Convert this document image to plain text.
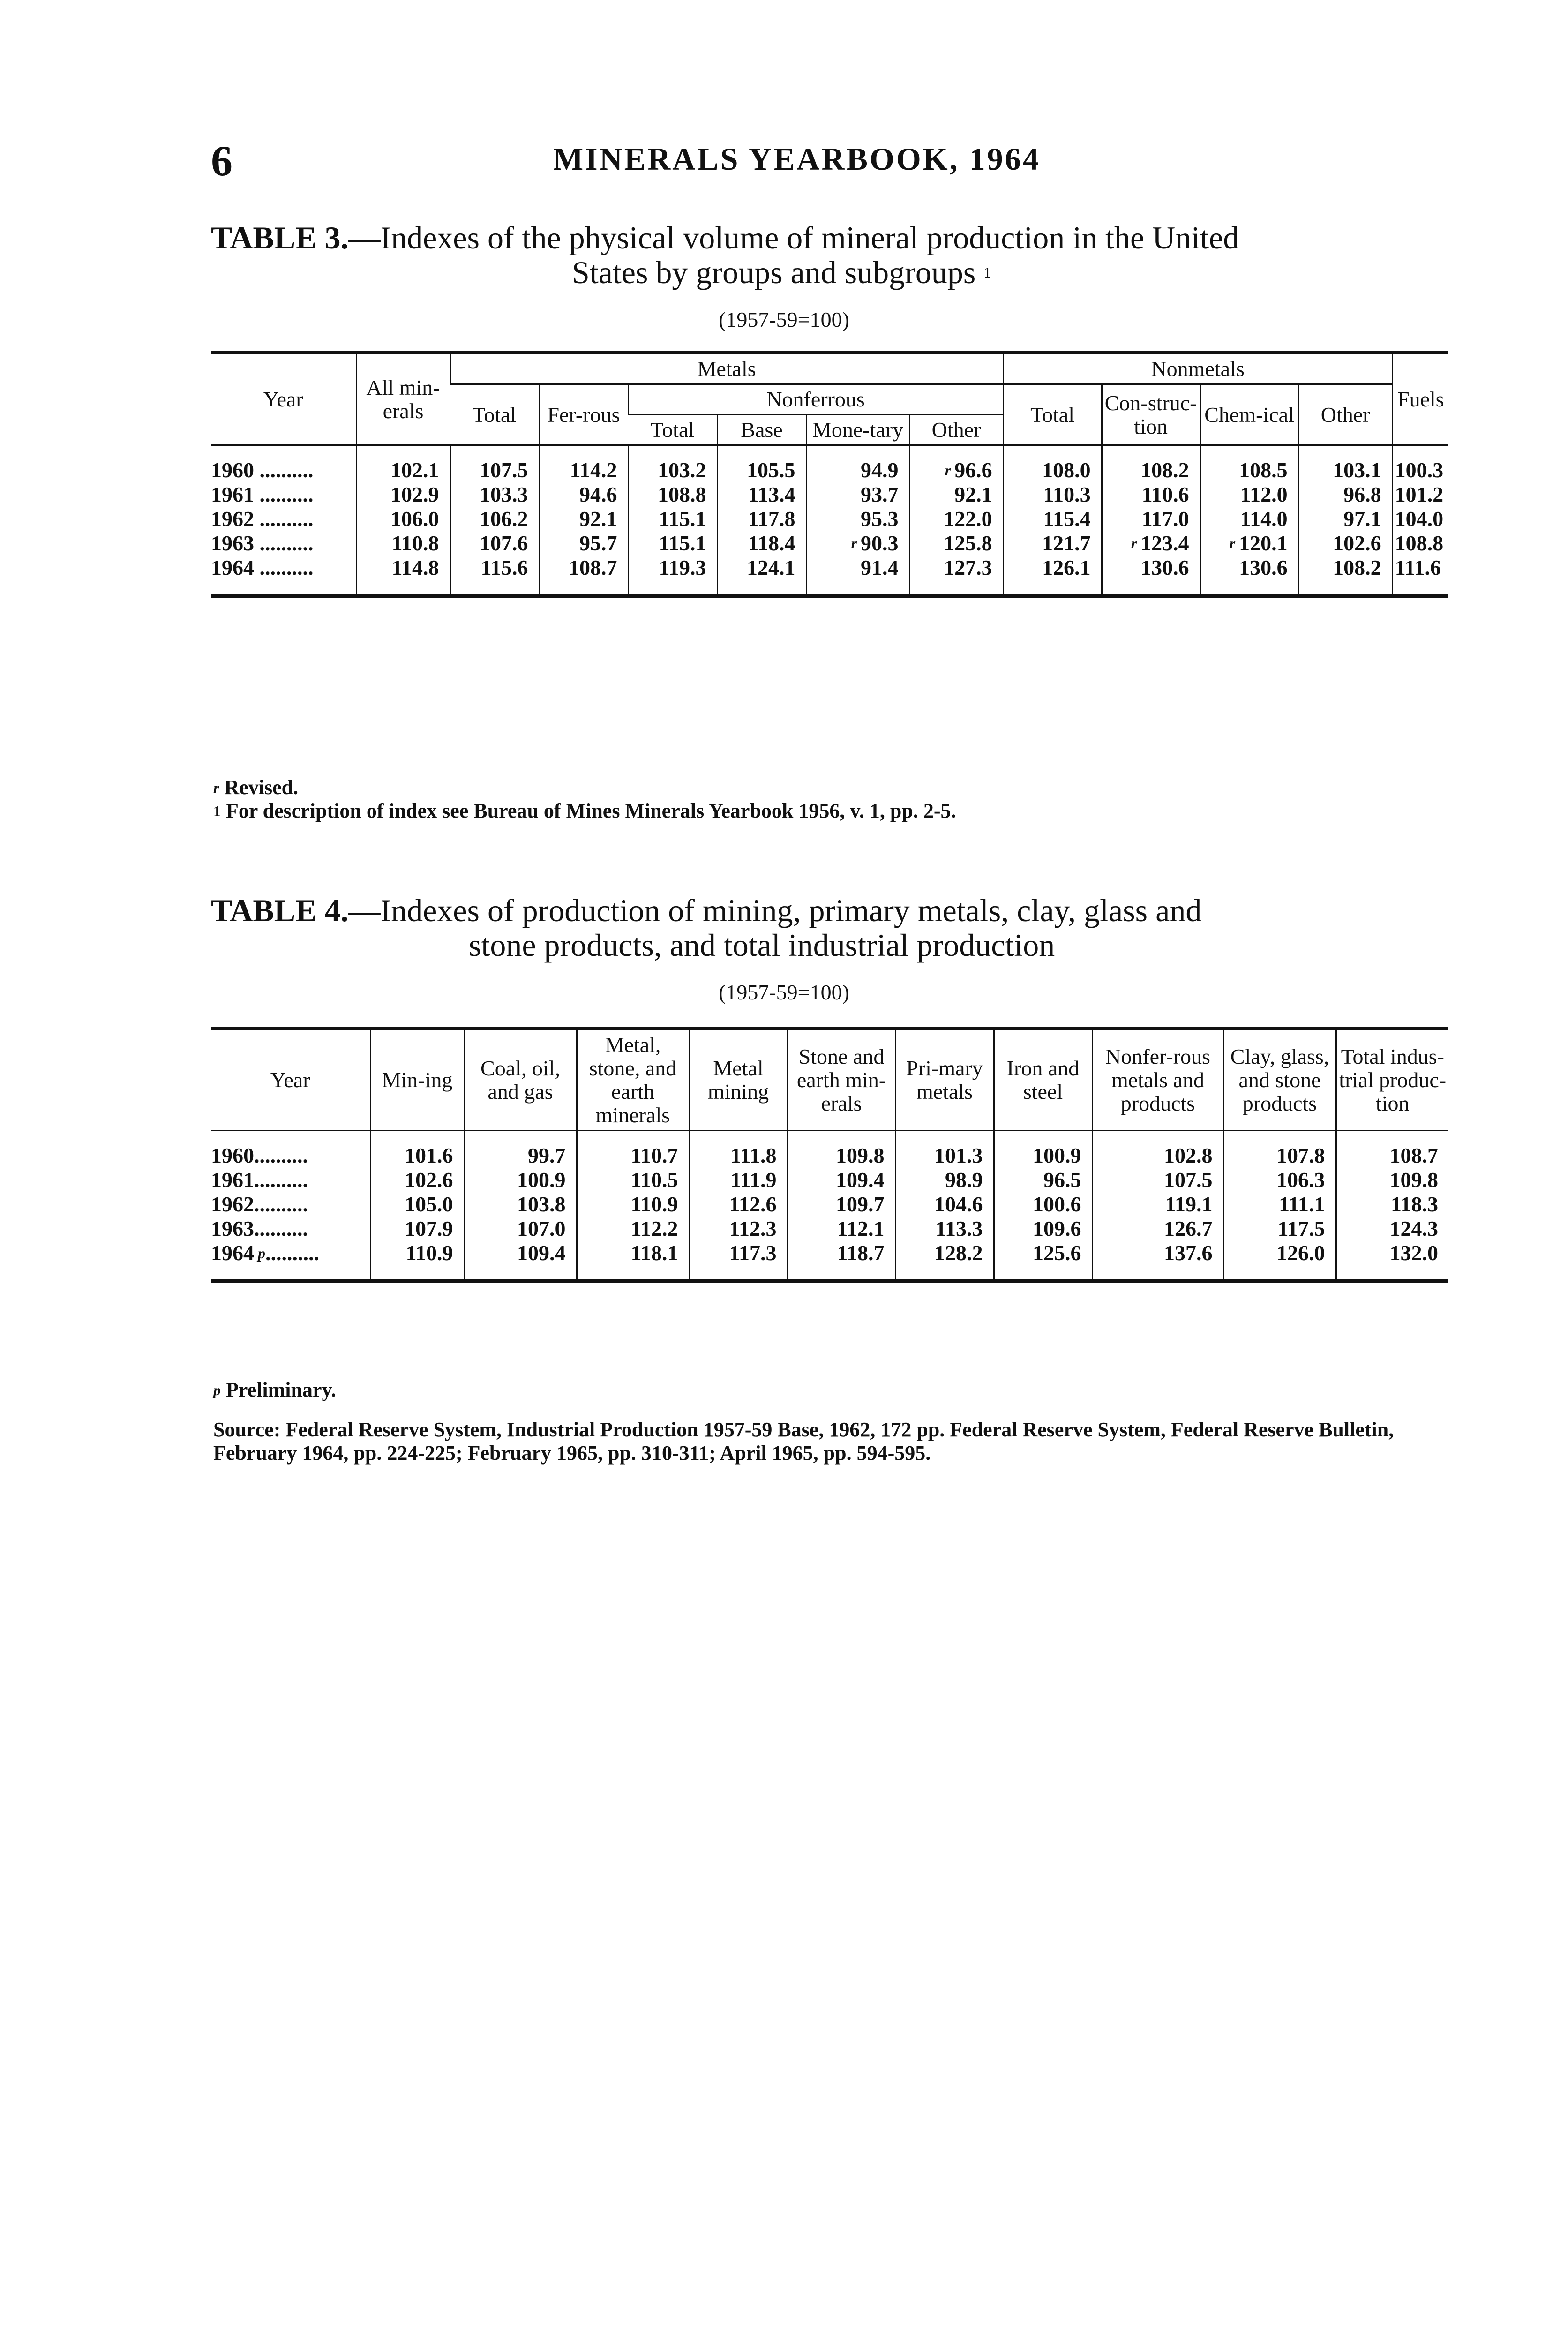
6	MINERALS YEARBOOK, 1964
TABLE 3.—Indexes of the physical volume of mineral production in the United
States by groups and subgroups $^1$
(1957-59=100)
Year	All min-erals	Metals						Nonmetals				Fuels
		Total	Fer-rous	Nonferrous				Total	Con-struc-tion	Chem-ical	Other	
				Total	Base	Mone-tary	Other					

1960 ..........	102.1	107.5	114.2	103.2	105.5	94.9	$^r$ 96.6	108.0	108.2	108.5	103.1	100.3
1961 ..........	102.9	103.3	94.6	108.8	113.4	93.7	92.1	110.3	110.6	112.0	96.8	101.2
1962 ..........	106.0	106.2	92.1	115.1	117.8	95.3	122.0	115.4	117.0	114.0	97.1	104.0
1963 ..........	110.8	107.6	95.7	115.1	118.4	$^r$ 90.3	125.8	121.7	$^r$ 123.4	$^r$ 120.1	102.6	108.8
1964 ..........	114.8	115.6	108.7	119.3	124.1	91.4	127.3	126.1	130.6	130.6	108.2	111.6
$^r$ Revised.
$^1$ For description of index see Bureau of Mines Minerals Yearbook 1956, v. 1, pp. 2-5.
TABLE 4.—Indexes of production of mining, primary metals, clay, glass and
stone products, and total industrial production
(1957-59=100)
Year	Min-ing	Coal, oil, and gas	Metal, stone, and earth minerals	Metal mining	Stone and earth min-erals	Pri-mary metals	Iron and steel	Nonfer-rous metals and products	Clay, glass, and stone products	Total indus-trial produc-tion

1960..........	101.6	99.7	110.7	111.8	109.8	101.3	100.9	102.8	107.8	108.7
1961..........	102.6	100.9	110.5	111.9	109.4	98.9	96.5	107.5	106.3	109.8
1962..........	105.0	103.8	110.9	112.6	109.7	104.6	100.6	119.1	111.1	118.3
1963..........	107.9	107.0	112.2	112.3	112.1	113.3	109.6	126.7	117.5	124.3
1964 $^p$..........	110.9	109.4	118.1	117.3	118.7	128.2	125.6	137.6	126.0	132.0
$^p$ Preliminary.
Source: Federal Reserve System, Industrial Production 1957-59 Base, 1962, 172 pp. Federal Reserve System, Federal Reserve Bulletin, February 1964, pp. 224-225; February 1965, pp. 310-311; April 1965, pp. 594-595.
